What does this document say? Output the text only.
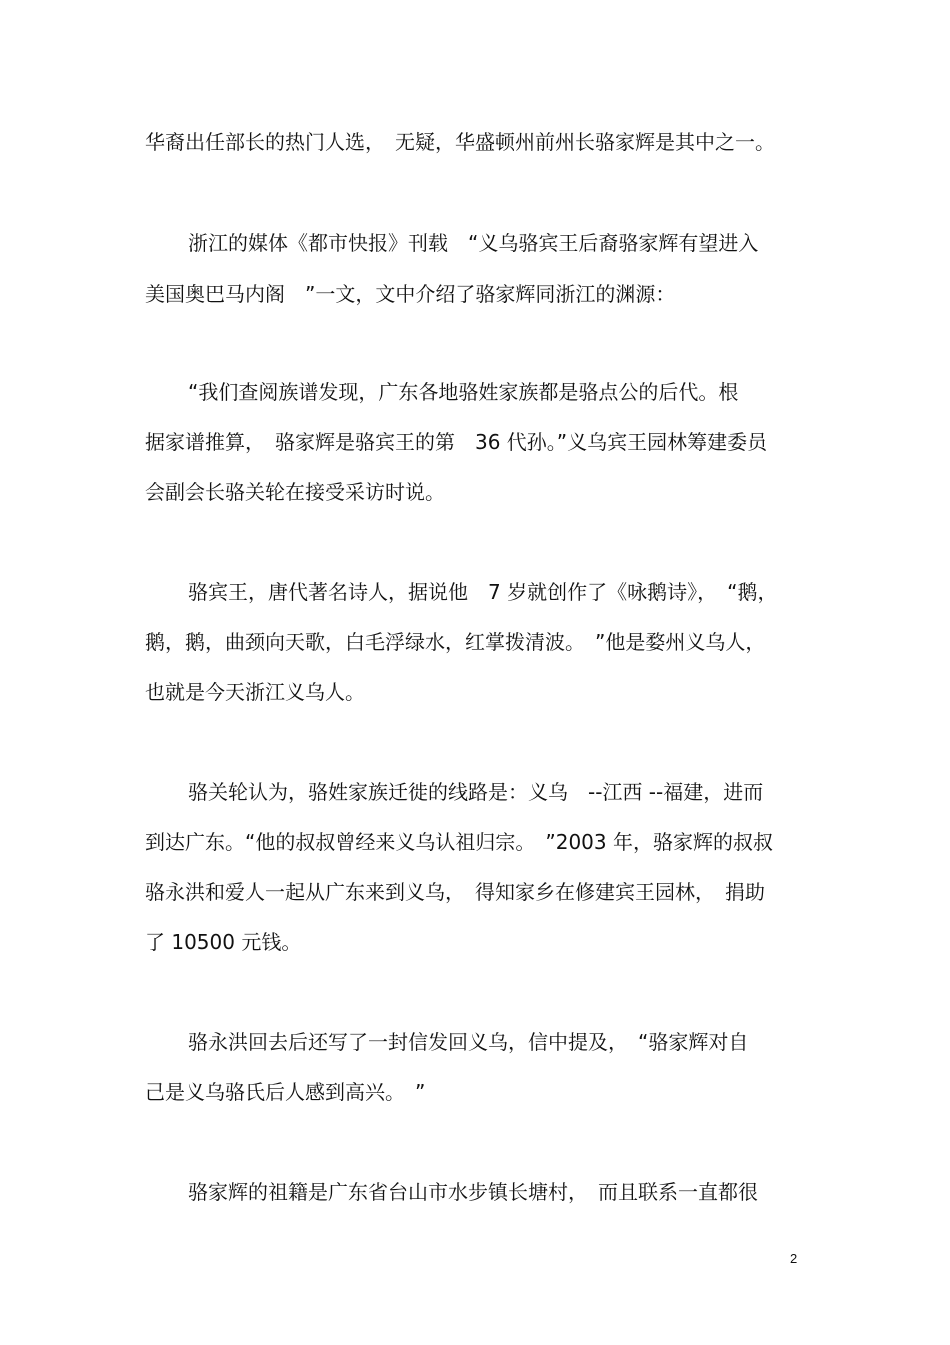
华裔出任部长的热门人选，　无疑，华盛顿州前州长骆家辉是其中之一。
浙江的媒体《都市快报》刊载　“义乌骆宾王后裔骆家辉有望进入
美国奥巴马内阁　”一文，文中介绍了骆家辉同浙江的渊源：
“我们查阅族谱发现，广东各地骆姓家族都是骆点公的后代。根
据家谱推算，　骆家辉是骆宾王的第　36 代孙。”义乌宾王园林筹建委员
会副会长骆关轮在接受采访时说。
骆宾王，唐代著名诗人，据说他　7 岁就创作了《咏鹅诗》，　“鹅，
鹅，鹅，曲颈向天歌，白毛浮绿水，红掌拨清波。　”他是婺州义乌人，
也就是今天浙江义乌人。
骆关轮认为，骆姓家族迁徙的线路是：义乌　--江西 --福建，进而
到达广东。“他的叔叔曾经来义乌认祖归宗。　”2003 年，骆家辉的叔叔
骆永洪和爱人一起从广东来到义乌，　得知家乡在修建宾王园林，　捐助
了 10500 元钱。
骆永洪回去后还写了一封信发回义乌，信中提及，　“骆家辉对自
己是义乌骆氏后人感到高兴。　”
骆家辉的祖籍是广东省台山市水步镇长塘村，　而且联系一直都很
2
